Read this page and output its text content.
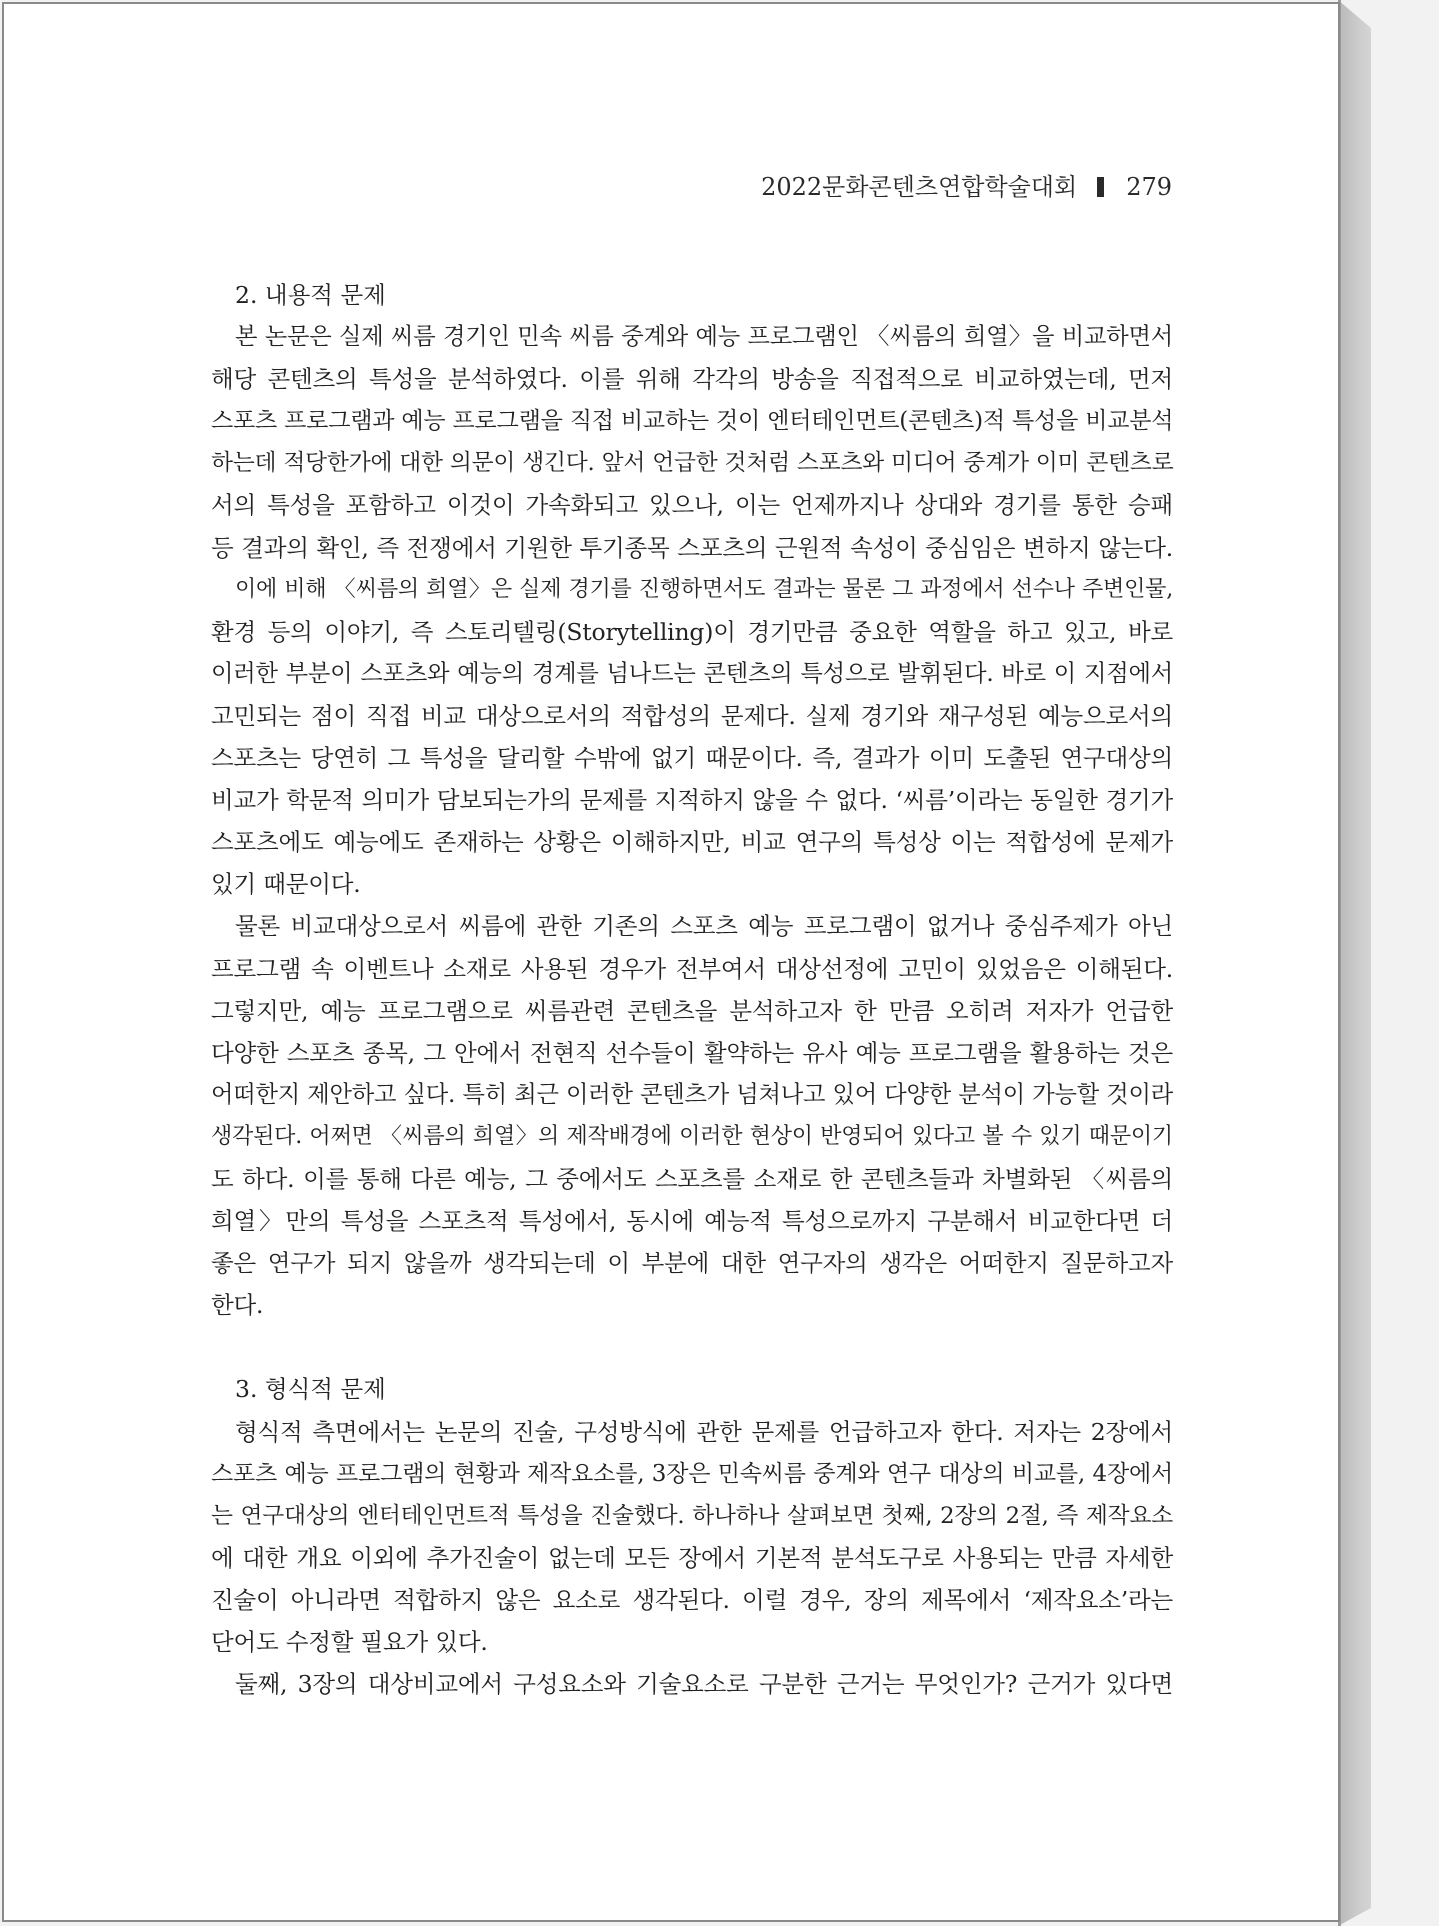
2022문화콘텐츠연합학술대회 279
2. 내용적 문제
본 논문은 실제 씨름 경기인 민속 씨름 중계와 예능 프로그램인 〈씨름의 희열〉을 비교하면서
해당 콘텐츠의 특성을 분석하였다. 이를 위해 각각의 방송을 직접적으로 비교하였는데, 먼저
스포츠 프로그램과 예능 프로그램을 직접 비교하는 것이 엔터테인먼트(콘텐츠)적 특성을 비교분석
하는데 적당한가에 대한 의문이 생긴다. 앞서 언급한 것처럼 스포츠와 미디어 중계가 이미 콘텐츠로
서의 특성을 포함하고 이것이 가속화되고 있으나, 이는 언제까지나 상대와 경기를 통한 승패
등 결과의 확인, 즉 전쟁에서 기원한 투기종목 스포츠의 근원적 속성이 중심임은 변하지 않는다.
이에 비해 〈씨름의 희열〉은 실제 경기를 진행하면서도 결과는 물론 그 과정에서 선수나 주변인물,
환경 등의 이야기, 즉 스토리텔링(Storytelling)이 경기만큼 중요한 역할을 하고 있고, 바로
이러한 부분이 스포츠와 예능의 경계를 넘나드는 콘텐츠의 특성으로 발휘된다. 바로 이 지점에서
고민되는 점이 직접 비교 대상으로서의 적합성의 문제다. 실제 경기와 재구성된 예능으로서의
스포츠는 당연히 그 특성을 달리할 수밖에 없기 때문이다. 즉, 결과가 이미 도출된 연구대상의
비교가 학문적 의미가 담보되는가의 문제를 지적하지 않을 수 없다. ‘씨름’이라는 동일한 경기가
스포츠에도 예능에도 존재하는 상황은 이해하지만, 비교 연구의 특성상 이는 적합성에 문제가
있기 때문이다.
물론 비교대상으로서 씨름에 관한 기존의 스포츠 예능 프로그램이 없거나 중심주제가 아닌
프로그램 속 이벤트나 소재로 사용된 경우가 전부여서 대상선정에 고민이 있었음은 이해된다.
그렇지만, 예능 프로그램으로 씨름관련 콘텐츠을 분석하고자 한 만큼 오히려 저자가 언급한
다양한 스포츠 종목, 그 안에서 전현직 선수들이 활약하는 유사 예능 프로그램을 활용하는 것은
어떠한지 제안하고 싶다. 특히 최근 이러한 콘텐츠가 넘쳐나고 있어 다양한 분석이 가능할 것이라
생각된다. 어쩌면 〈씨름의 희열〉의 제작배경에 이러한 현상이 반영되어 있다고 볼 수 있기 때문이기
도 하다. 이를 통해 다른 예능, 그 중에서도 스포츠를 소재로 한 콘텐츠들과 차별화된 〈씨름의
희열〉만의 특성을 스포츠적 특성에서, 동시에 예능적 특성으로까지 구분해서 비교한다면 더
좋은 연구가 되지 않을까 생각되는데 이 부분에 대한 연구자의 생각은 어떠한지 질문하고자
한다.
3. 형식적 문제
형식적 측면에서는 논문의 진술, 구성방식에 관한 문제를 언급하고자 한다. 저자는 2장에서
스포츠 예능 프로그램의 현황과 제작요소를, 3장은 민속씨름 중계와 연구 대상의 비교를, 4장에서
는 연구대상의 엔터테인먼트적 특성을 진술했다. 하나하나 살펴보면 첫째, 2장의 2절, 즉 제작요소
에 대한 개요 이외에 추가진술이 없는데 모든 장에서 기본적 분석도구로 사용되는 만큼 자세한
진술이 아니라면 적합하지 않은 요소로 생각된다. 이럴 경우, 장의 제목에서 ‘제작요소’라는
단어도 수정할 필요가 있다.
둘째, 3장의 대상비교에서 구성요소와 기술요소로 구분한 근거는 무엇인가? 근거가 있다면
